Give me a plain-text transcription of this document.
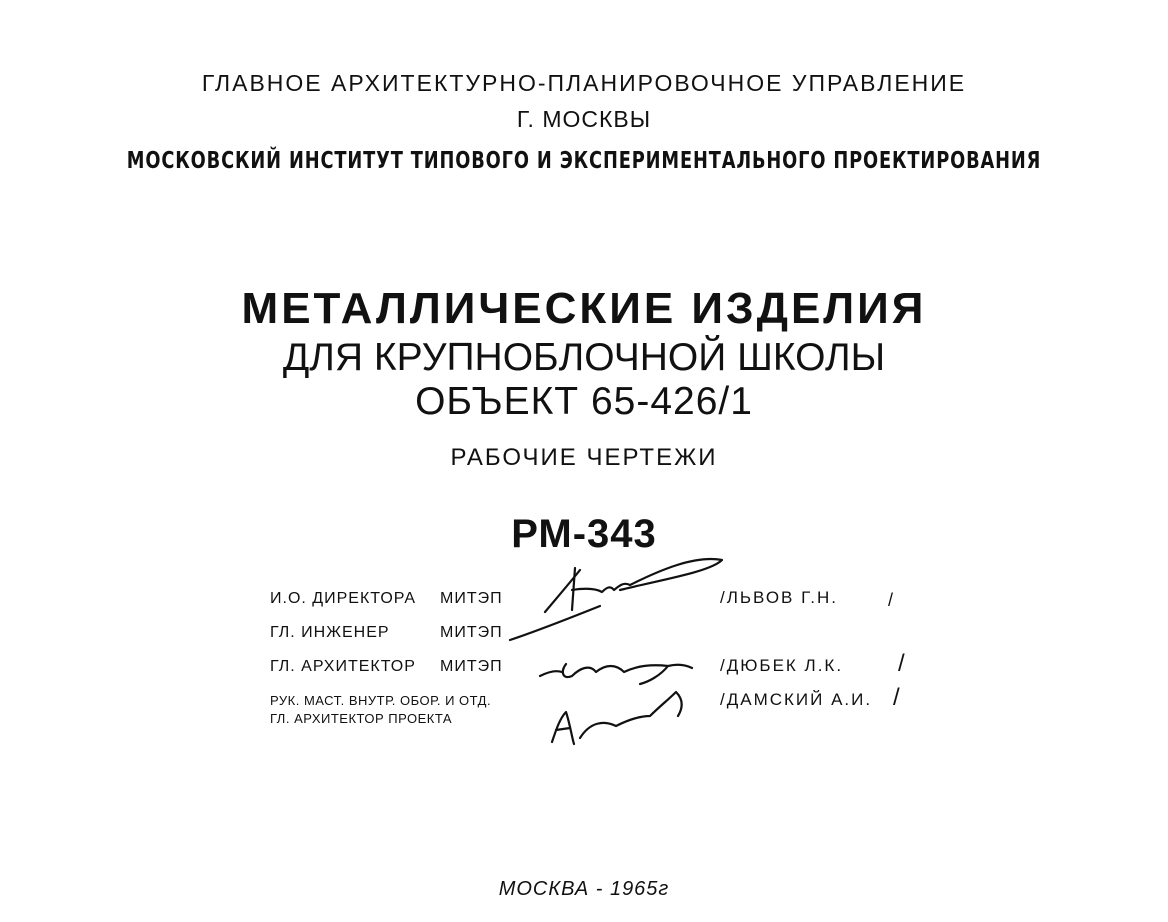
ГЛАВНОЕ АРХИТЕКТУРНО-ПЛАНИРОВОЧНОЕ УПРАВЛЕНИЕ
Г. МОСКВЫ
МОСКОВСКИЙ ИНСТИТУТ ТИПОВОГО И ЭКСПЕРИМЕНТАЛЬНОГО ПРОЕКТИРОВАНИЯ
МЕТАЛЛИЧЕСКИЕ ИЗДЕЛИЯ
ДЛЯ КРУПНОБЛОЧНОЙ ШКОЛЫ
ОБЪЕКТ 65-426/1
РАБОЧИЕ ЧЕРТЕЖИ
РМ-343
И.О. ДИРЕКТОРА МИТЭП
ГЛ. ИНЖЕНЕР	МИТЭП
ГЛ. АРХИТЕКТОР МИТЭП
РУК. МАСТ. ВНУТР. ОБОР. И ОТД.
ГЛ. АРХИТЕКТОР ПРОЕКТА
/ЛЬВОВ Г.Н.	/
/ДЮБЕК Л.К. /
/ДАМСКИЙ А.И. /
МОСКВА - 1965г
